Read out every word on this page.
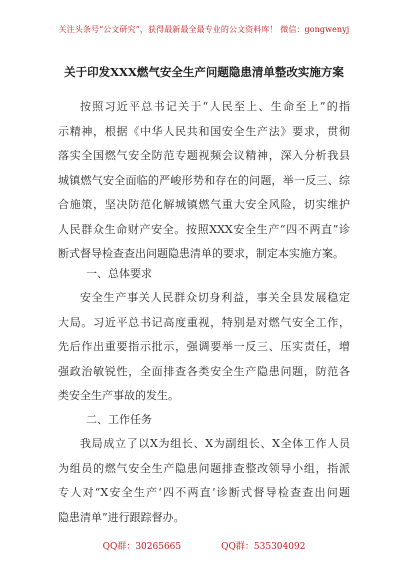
关注头条号“公文研究”，获得最新最全最专业的公文资料库！ 微信：gongwenyj
关于印发XXX燃气安全生产问题隐患清单整改实施方案
按照习近平总书记关于“人民至上、生命至上”的指
示精神，根据《中华人民共和国安全生产法》要求，贯彻
落实全国燃气安全防范专题视频会议精神，深入分析我县
城镇燃气安全面临的严峻形势和存在的问题，举一反三、综
合施策，坚决防范化解城镇燃气重大安全风险，切实维护
人民群众生命财产安全。按照XXX安全生产“四不两直”诊
断式督导检查查出问题隐患清单的要求，制定本实施方案。
一、总体要求
安全生产事关人民群众切身利益，事关全县发展稳定
大局。习近平总书记高度重视，特别是对燃气安全工作，
先后作出重要指示批示，强调要举一反三、压实责任，增
强政治敏锐性，全面排查各类安全生产隐患问题，防范各
类安全生产事故的发生。
二、工作任务
我局成立了以X为组长、X为副组长、X全体工作人员
为组员的燃气安全生产隐患问题排查整改领导小组，指派
专人对“X安全生产‘四不两直’诊断式督导检查查出问题
隐患清单”进行跟踪督办。
QQ群：30265665	QQ群：535304092
